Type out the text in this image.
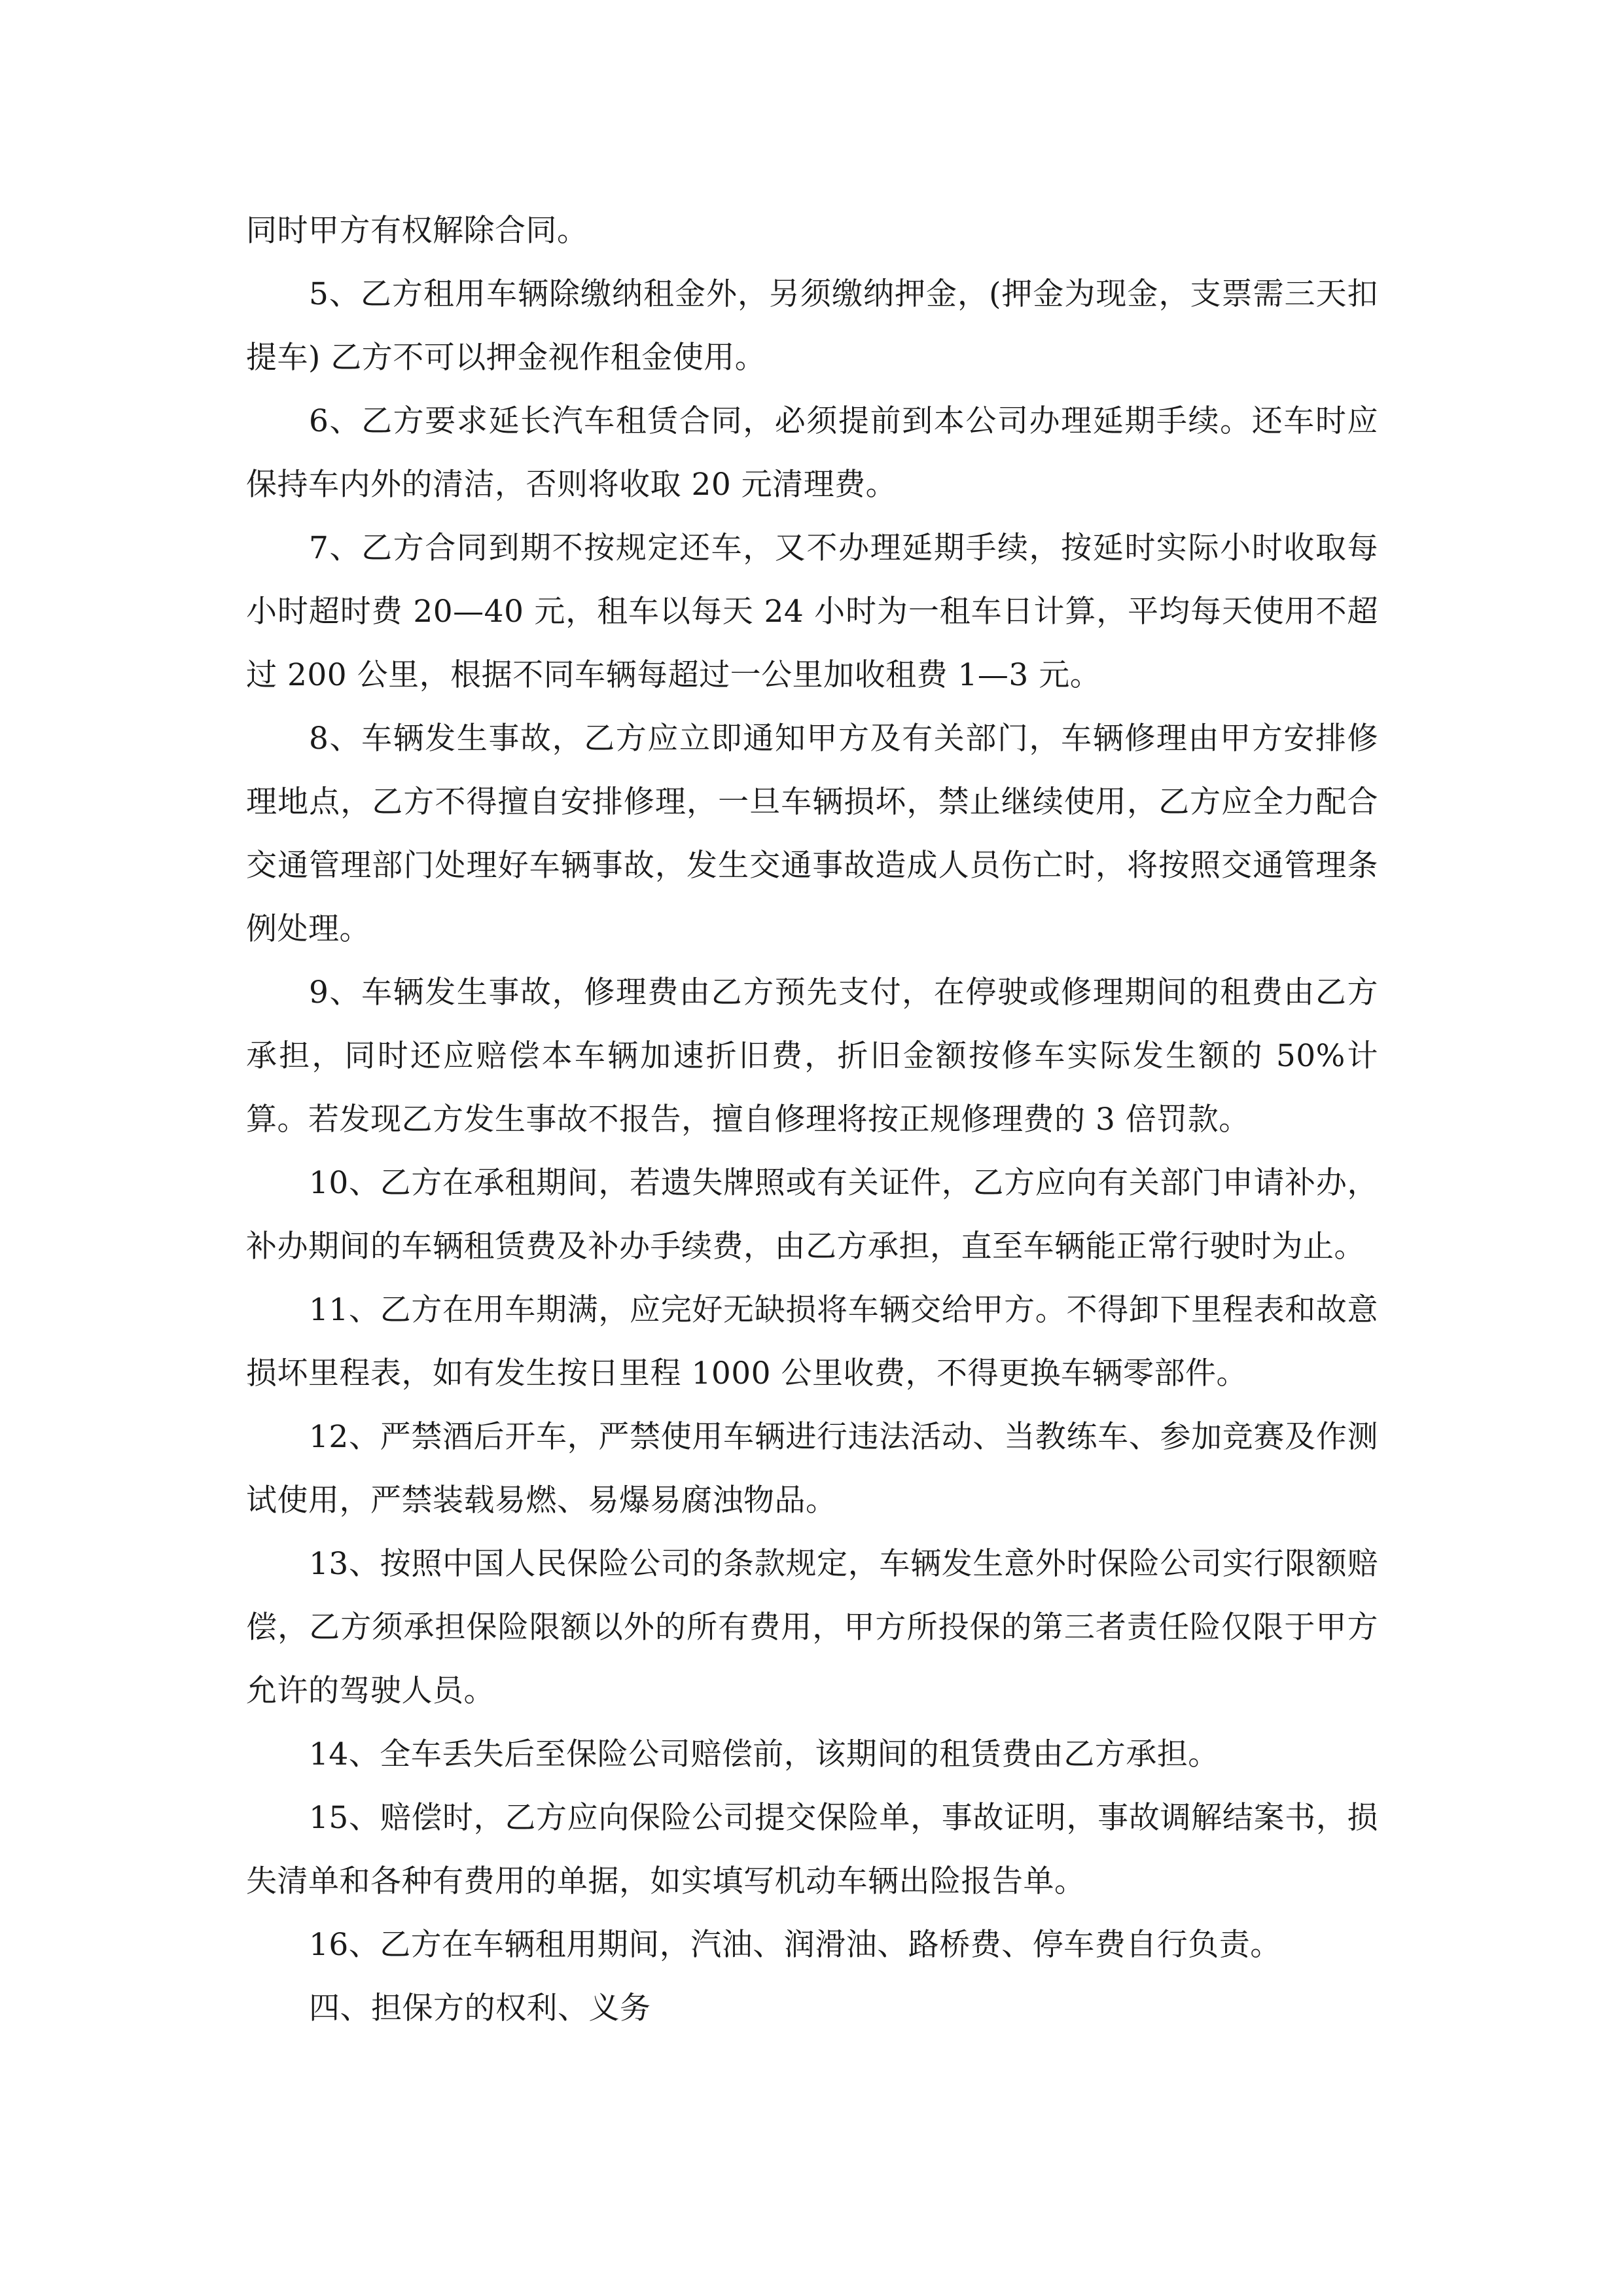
同时甲方有权解除合同。

5、乙方租用车辆除缴纳租金外，另须缴纳押金，(押金为现金，支票需三天扣提车) 乙方不可以押金视作租金使用。

6、乙方要求延长汽车租赁合同，必须提前到本公司办理延期手续。还车时应保持车内外的清洁，否则将收取 20 元清理费。

7、乙方合同到期不按规定还车，又不办理延期手续，按延时实际小时收取每小时超时费 20—40 元，租车以每天 24 小时为一租车日计算，平均每天使用不超过 200 公里，根据不同车辆每超过一公里加收租费 1—3 元。

8、车辆发生事故，乙方应立即通知甲方及有关部门，车辆修理由甲方安排修理地点，乙方不得擅自安排修理，一旦车辆损坏，禁止继续使用，乙方应全力配合交通管理部门处理好车辆事故，发生交通事故造成人员伤亡时，将按照交通管理条例处理。

9、车辆发生事故，修理费由乙方预先支付，在停驶或修理期间的租费由乙方承担，同时还应赔偿本车辆加速折旧费，折旧金额按修车实际发生额的 50%计算。若发现乙方发生事故不报告，擅自修理将按正规修理费的 3 倍罚款。

10、乙方在承租期间，若遗失牌照或有关证件，乙方应向有关部门申请补办，补办期间的车辆租赁费及补办手续费，由乙方承担，直至车辆能正常行驶时为止。

11、乙方在用车期满，应完好无缺损将车辆交给甲方。不得卸下里程表和故意损坏里程表，如有发生按日里程 1000 公里收费，不得更换车辆零部件。

12、严禁酒后开车，严禁使用车辆进行违法活动、当教练车、参加竞赛及作测试使用，严禁装载易燃、易爆易腐浊物品。

13、按照中国人民保险公司的条款规定，车辆发生意外时保险公司实行限额赔偿，乙方须承担保险限额以外的所有费用，甲方所投保的第三者责任险仅限于甲方允许的驾驶人员。

14、全车丢失后至保险公司赔偿前，该期间的租赁费由乙方承担。

15、赔偿时，乙方应向保险公司提交保险单，事故证明，事故调解结案书，损失清单和各种有费用的单据，如实填写机动车辆出险报告单。

16、乙方在车辆租用期间，汽油、润滑油、路桥费、停车费自行负责。

四、担保方的权利、义务
